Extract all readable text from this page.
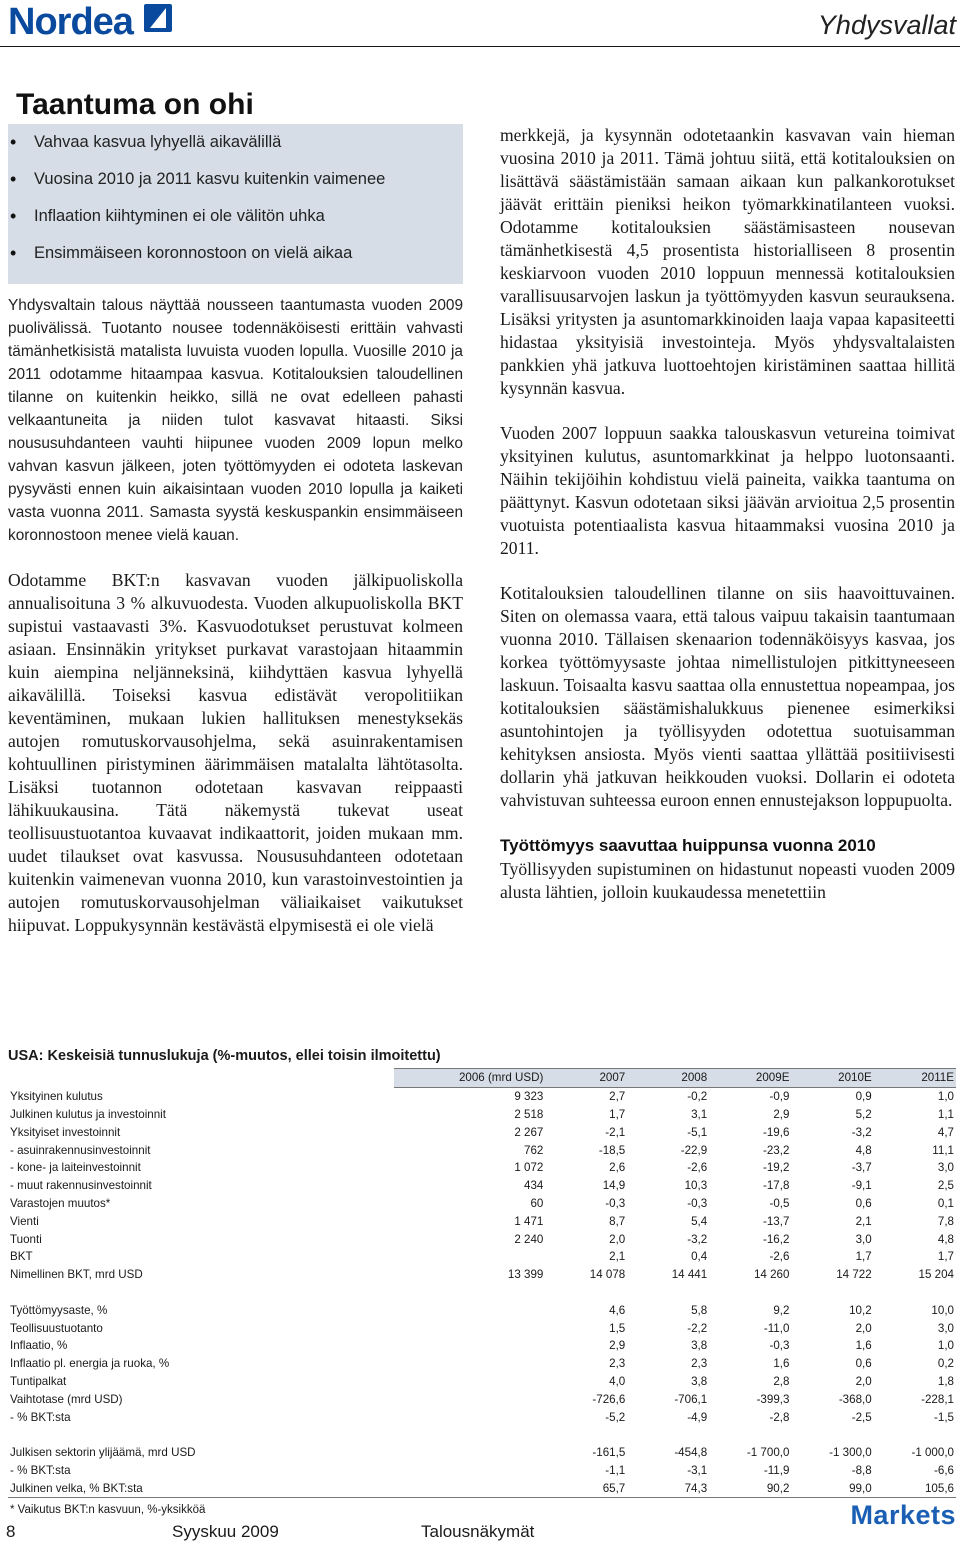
Nordea	Yhdysvallat
Taantuma on ohi
• Vahvaa kasvua lyhyellä aikavälillä
• Vuosina 2010 ja 2011 kasvu kuitenkin vaimenee
• Inflaation kiihtyminen ei ole välitön uhka
• Ensimmäiseen koronnostoon on vielä aikaa

Yhdysvaltain talous näyttää nousseen taantumasta vuoden 2009 puolivälissä. Tuotanto nousee todennäköisesti erittäin vahvasti tämänhetkisistä matalista luvuista vuoden lopulla. Vuosille 2010 ja 2011 odotamme hitaampaa kasvua. Kotitalouksien taloudellinen tilanne on kuitenkin heikko, sillä ne ovat edelleen pahasti velkaantuneita ja niiden tulot kasvavat hitaasti. Siksi noususuhdanteen vauhti hiipunee vuoden 2009 lopun melko vahvan kasvun jälkeen, joten työttömyyden ei odoteta laskevan pysyvästi ennen kuin aikaisintaan vuoden 2010 lopulla ja kaiketi vasta vuonna 2011. Samasta syystä keskuspankin ensimmäiseen koronnostoon menee vielä kauan.

Odotamme BKT:n kasvavan vuoden jälkipuoliskolla annualisoituna 3 % alkuvuodesta. Vuoden alkupuoliskolla BKT supistui vastaavasti 3%. Kasvuodotukset perustuvat kolmeen asiaan. Ensinnäkin yritykset purkavat varastojaan hitaammin kuin aiempina neljänneksinä, kiihdyttäen kasvua lyhyellä aikavälillä. Toiseksi kasvua edistävät veropolitiikan keventäminen, mukaan lukien hallituksen menestyksekäs autojen romutuskorvausohjelma, sekä asuinrakentamisen kohtuullinen piristyminen äärimmäisen matalalta lähtötasolta. Lisäksi tuotannon odotetaan kasvavan reippaasti lähikuukausina. Tätä näkemystä tukevat useat teollisuustuotantoa kuvaavat indikaattorit, joiden mukaan mm. uudet tilaukset ovat kasvussa. Noususuhdanteen odotetaan kuitenkin vaimenevan vuonna 2010, kun varastoinvestointien ja autojen romutuskorvausohjelman väliaikaiset vaikutukset hiipuvat. Loppukysynnän kestävästä elpymisestä ei ole vielä

merkkejä, ja kysynnän odotetaankin kasvavan vain hieman vuosina 2010 ja 2011. Tämä johtuu siitä, että kotitalouksien on lisättävä säästämistään samaan aikaan kun palkankorotukset jäävät erittäin pieniksi heikon työmarkkinatilanteen vuoksi. Odotamme kotitalouksien säästämisasteen nousevan tämänhetkisestä 4,5 prosentista historialliseen 8 prosentin keskiarvoon vuoden 2010 loppuun mennessä kotitalouksien varallisuusarvojen laskun ja työttömyyden kasvun seurauksena. Lisäksi yritysten ja asuntomarkkinoiden laaja vapaa kapasiteetti hidastaa yksityisiä investointeja. Myös yhdysvaltalaisten pankkien yhä jatkuva luottoehtojen kiristäminen saattaa hillitä kysynnän kasvua.

Vuoden 2007 loppuun saakka talouskasvun vetureina toimivat yksityinen kulutus, asuntomarkkinat ja helppo luotonsaanti. Näihin tekijöihin kohdistuu vielä paineita, vaikka taantuma on päättynyt. Kasvun odotetaan siksi jäävän arvioitua 2,5 prosentin vuotuista potentiaalista kasvua hitaammaksi vuosina 2010 ja 2011.

Kotitalouksien taloudellinen tilanne on siis haavoittuvainen. Siten on olemassa vaara, että talous vaipuu takaisin taantumaan vuonna 2010. Tällaisen skenaarion todennäköisyys kasvaa, jos korkea työttömyysaste johtaa nimellistulojen pitkittyneeseen laskuun. Toisaalta kasvu saattaa olla ennustettua nopeampaa, jos kotitalouksien säästämishalukkuus pienenee esimerkiksi asuntohintojen ja työllisyyden odotettua suotuisamman kehityksen ansiosta. Myös vienti saattaa yllättää positiivisesti dollarin yhä jatkuvan heikkouden vuoksi. Dollarin ei odoteta vahvistuvan suhteessa euroon ennen ennustejakson loppupuolta.

Työttömyys saavuttaa huippunsa vuonna 2010

Työllisyyden supistuminen on hidastunut nopeasti vuoden 2009 alusta lähtien, jolloin kuukaudessa menetettiin

USA: Keskeisiä tunnuslukuja (%-muutos, ellei toisin ilmoitettu)
	2006 (mrd USD)	2007	2008	2009E	2010E	2011E
Yksityinen kulutus	9 323	2,7	-0,2	-0,9	0,9	1,0
Julkinen kulutus ja investoinnit	2 518	1,7	3,1	2,9	5,2	1,1
Yksityiset investoinnit	2 267	-2,1	-5,1	-19,6	-3,2	4,7
- asuinrakennusinvestoinnit	762	-18,5	-22,9	-23,2	4,8	11,1
- kone- ja laiteinvestoinnit	1 072	2,6	-2,6	-19,2	-3,7	3,0
- muut rakennusinvestoinnit	434	14,9	10,3	-17,8	-9,1	2,5
Varastojen muutos*	60	-0,3	-0,3	-0,5	0,6	0,1
Vienti	1 471	8,7	5,4	-13,7	2,1	7,8
Tuonti	2 240	2,0	-3,2	-16,2	3,0	4,8
BKT		2,1	0,4	-2,6	1,7	1,7
Nimellinen BKT, mrd USD	13 399	14 078	14 441	14 260	14 722	15 204

Työttömyysaste, %		4,6	5,8	9,2	10,2	10,0
Teollisuustuotanto		1,5	-2,2	-11,0	2,0	3,0
Inflaatio, %		2,9	3,8	-0,3	1,6	1,0
Inflaatio pl. energia ja ruoka, %		2,3	2,3	1,6	0,6	0,2
Tuntipalkat		4,0	3,8	2,8	2,0	1,8
Vaihtotase (mrd USD)		-726,6	-706,1	-399,3	-368,0	-228,1
- % BKT:sta		-5,2	-4,9	-2,8	-2,5	-1,5

Julkisen sektorin ylijäämä, mrd USD		-161,5	-454,8	-1 700,0	-1 300,0	-1 000,0
- % BKT:sta		-1,1	-3,1	-11,9	-8,8	-6,6
Julkinen velka, % BKT:sta		65,7	74,3	90,2	99,0	105,6
* Vaikutus BKT:n kasvuun, %-yksikköä
8	Syyskuu 2009	Talousnäkymät
Markets
